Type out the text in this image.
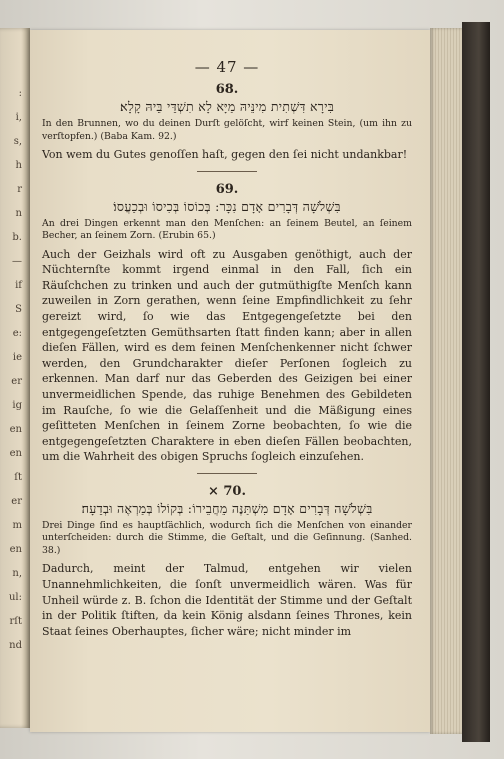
:
i,
s,
h
r
n
b.
—
if
S
e:
ie
er
ig
en
en
ſt
er
m
en
n,
ul:
rſt
nd
— 47 —
68.
בִּירָא דִּשְׁתִית מִינֵּיהּ מַיָּא לָא תִשְׁדֵּי בֵּיהּ קָלָא׃

In den Brunnen, wo du deinen Durſt gelöſcht, wirf keinen Stein, (um ihn zu verſtopfen.) (Baba Kam. 92.)

Von wem du Gutes genoſſen haſt, gegen den ſei nicht undankbar!

69.
בִּשְׁלֹשָׁה דְּבָרִים אָדָם נִכָּר: בְּכוֹסוֹ בְּכִיסוֹ וּבְכַעֲסוֹ׃

An drei Dingen erkennt man den Menſchen: an ſeinem Beutel, an ſeinem Becher, an ſeinem Zorn. (Erubin 65.)

Auch der Geizhals wird oft zu Ausgaben genöthigt, auch der Nüchternſte kommt irgend einmal in den Fall, ſich ein Räuſchchen zu trinken und auch der gutmüthigſte Menſch kann zuweilen in Zorn gerathen, wenn ſeine Empfindlichkeit zu ſehr gereizt wird, ſo wie das Entgegengeſetzte bei den entgegengeſetzten Gemüthsarten ſtatt finden kann; aber in allen dieſen Fällen, wird es dem feinen Menſchenkenner nicht ſchwer werden, den Grundcharakter dieſer Perſonen ſogleich zu erkennen. Man darf nur das Geberden des Geizigen bei einer unvermeidlichen Spende, das ruhige Benehmen des Gebildeten im Rauſche, ſo wie die Gelaſſenheit und die Mäßigung eines geſitteten Menſchen in ſeinem Zorne beobachten, ſo wie die entgegengeſetzten Charaktere in eben dieſen Fällen beobachten, um die Wahrheit des obigen Spruchs ſogleich einzuſehen.

× 70.
בִּשְׁלֹשָׁה דְּבָרִים אָדָם מִשְׁתַּנֶּה מֵחֲבֵירוֹ: בְּקוֹלוֹ בְּמַרְאֶה וּבְדֵעָה׃

Drei Dinge ſind es hauptſächlich, wodurch ſich die Menſchen von einander unterſcheiden: durch die Stimme, die Geſtalt, und die Geſinnung. (Sanhed. 38.)

Dadurch, meint der Talmud, entgehen wir vielen Unannehmlichkeiten, die ſonſt unvermeidlich wären. Was für Unheil würde z. B. ſchon die Identität der Stimme und der Geſtalt in der Politik ſtiften, da kein König alsdann ſeines Thrones, kein Staat ſeines Oberhauptes, ſicher wäre; nicht minder im
